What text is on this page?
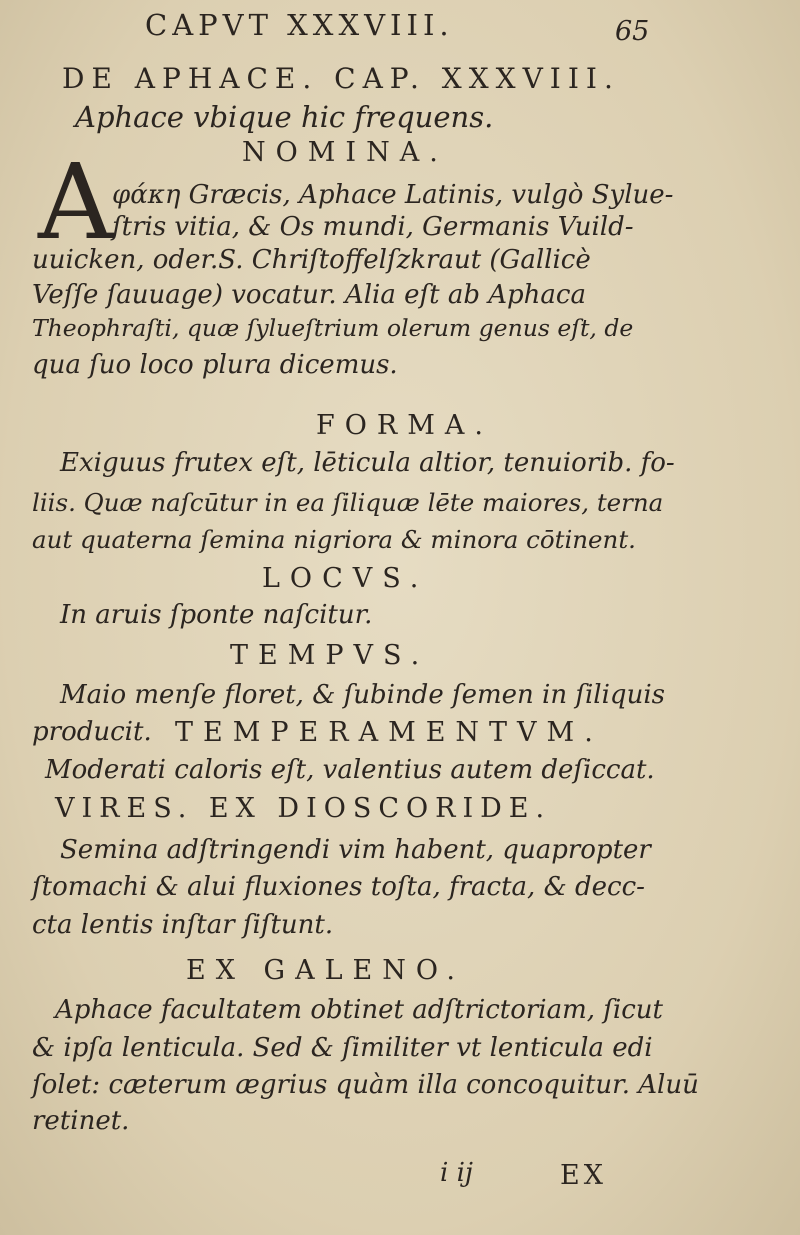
CAPVT XXXVIII.	65
DE APHACE. CAP. XXXVIII.
Aphace vbique hic frequens.
NOMINA.
A
φάκη Græcis, Aphace Latinis, vulgò Sylue-
ſtris vitia, & Os mundi, Germanis Vuild-
uuicken, oder.S. Chriſtoffelſzkraut (Gallicè
Veſſe ſauuage) vocatur. Alia eſt ab Aphaca
Theophraſti, quæ ſylueſtrium olerum genus eſt, de
qua ſuo loco plura dicemus.
FORMA.
Exiguus frutex eſt, lēticula altior, tenuiorib. fo-
liis. Quæ naſcūtur in ea ſiliquæ lēte maiores, terna
aut quaterna ſemina nigriora & minora cōtinent.
LOCVS.
In aruis ſponte naſcitur.
TEMPVS.
Maio menſe floret, & ſubinde ſemen in ſiliquis
producit. TEMPERAMENTVM.
Moderati caloris eſt, valentius autem deſiccat.
VIRES. EX DIOSCORIDE.
Semina adſtringendi vim habent, quapropter
ſtomachi & alui fluxiones toſta, fracta, & decc-
cta lentis inſtar ſiſtunt.
EX GALENO.
Aphace facultatem obtinet adſtrictoriam, ſicut
& ipſa lenticula. Sed & ſimiliter vt lenticula edi
ſolet: cæterum ægrius quàm illa concoquitur. Aluū
retinet.
i ij	EX
